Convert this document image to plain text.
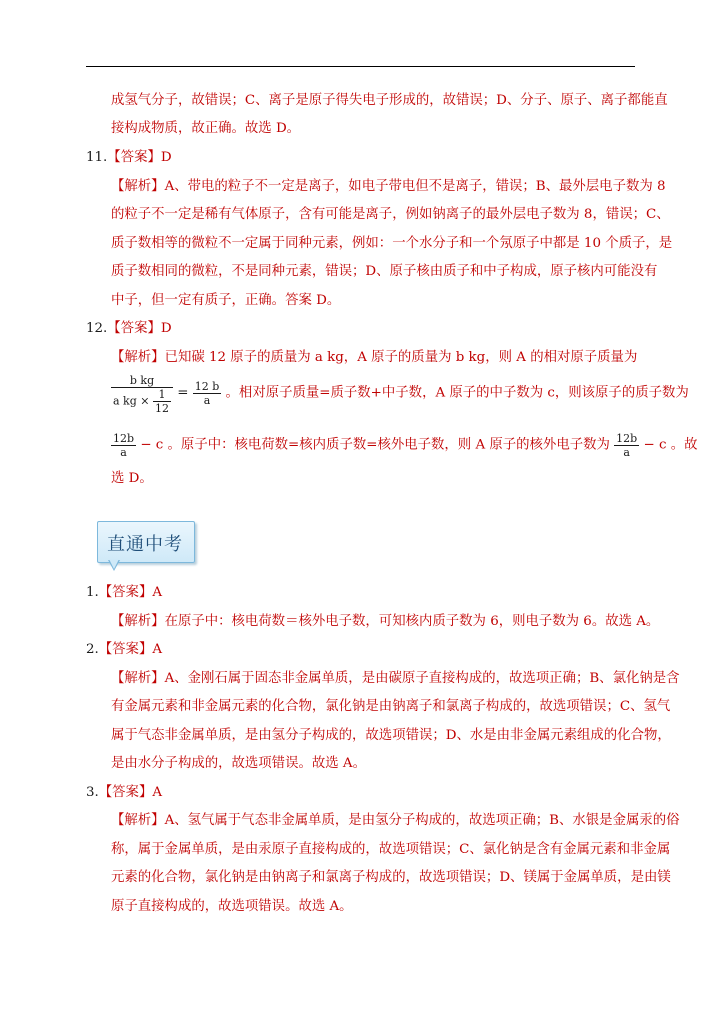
成氢气分子，故错误；C、离子是原子得失电子形成的，故错误；D、分子、原子、离子都能直
接构成物质，故正确。故选 D。
11.【答案】D
【解析】A、带电的粒子不一定是离子，如电子带电但不是离子，错误；B、最外层电子数为 8
的粒子不一定是稀有气体原子，含有可能是离子，例如钠离子的最外层电子数为 8，错误；C、
质子数相等的微粒不一定属于同种元素，例如：一个水分子和一个氖原子中都是 10 个质子，是
质子数相同的微粒，不是同种元素，错误；D、原子核由质子和中子构成，原子核内可能没有
中子，但一定有质子，正确。答案 D。
12.【答案】D
【解析】已知碳 12 原子的质量为 a kg，A 原子的质量为 b kg，则 A 的相对原子质量为
$\frac{\text{b kg}}{a kg \times \frac{1}{12}} = \frac{12 b}{a}$ 。相对原子质量=质子数+中子数，A 原子的中子数为 c，则该原子的质子数为
$\frac{12b}{a} - c$ 。原子中：核电荷数=核内质子数=核外电子数，则 A 原子的核外电子数为 $\frac{12b}{a} - c$ 。故
选 D。
直通中考
1.【答案】A
【解析】在原子中：核电荷数＝核外电子数，可知核内质子数为 6，则电子数为 6。故选 A。
2.【答案】A
【解析】A、金刚石属于固态非金属单质，是由碳原子直接构成的，故选项正确；B、氯化钠是含
有金属元素和非金属元素的化合物，氯化钠是由钠离子和氯离子构成的，故选项错误；C、氢气
属于气态非金属单质，是由氢分子构成的，故选项错误；D、水是由非金属元素组成的化合物，
是由水分子构成的，故选项错误。故选 A。
3.【答案】A
【解析】A、氢气属于气态非金属单质，是由氢分子构成的，故选项正确；B、水银是金属汞的俗
称，属于金属单质，是由汞原子直接构成的，故选项错误；C、氯化钠是含有金属元素和非金属
元素的化合物，氯化钠是由钠离子和氯离子构成的，故选项错误；D、镁属于金属单质，是由镁
原子直接构成的，故选项错误。故选 A。
